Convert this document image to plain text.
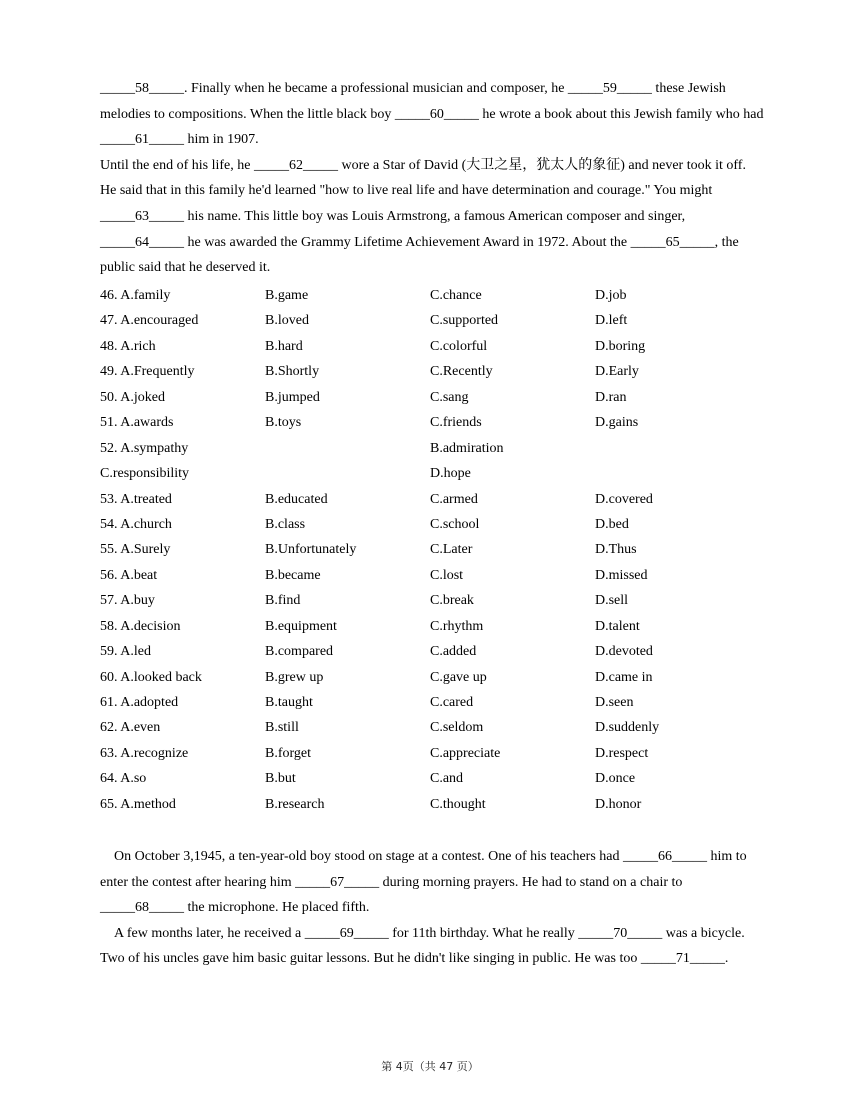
_____58_____. Finally when he became a professional musician and composer, he _____59_____ these Jewish melodies to compositions. When the little black boy _____60_____ he wrote a book about this Jewish family who had _____61_____ him in 1907.
Until the end of his life, he _____62_____ wore a Star of David (大卫之星，犹太人的象征) and never took it off. He said that in this family he'd learned "how to live real life and have determination and courage." You might _____63_____ his name. This little boy was Louis Armstrong, a famous American composer and singer, _____64_____ he was awarded the Grammy Lifetime Achievement Award in 1972. About the _____65_____, the public said that he deserved it.
46. A.family	B.game	C.chance	D.job
47. A.encouraged	B.loved	C.supported	D.left
48. A.rich	B.hard	C.colorful	D.boring
49. A.Frequently	B.Shortly	C.Recently	D.Early
50. A.joked	B.jumped	C.sang	D.ran
51. A.awards	B.toys	C.friends	D.gains
52. A.sympathy	B.admiration
C.responsibility	D.hope
53. A.treated	B.educated	C.armed	D.covered
54. A.church	B.class	C.school	D.bed
55. A.Surely	B.Unfortunately	C.Later	D.Thus
56. A.beat	B.became	C.lost	D.missed
57. A.buy	B.find	C.break	D.sell
58. A.decision	B.equipment	C.rhythm	D.talent
59. A.led	B.compared	C.added	D.devoted
60. A.looked back	B.grew up	C.gave up	D.came in
61. A.adopted	B.taught	C.cared	D.seen
62. A.even	B.still	C.seldom	D.suddenly
63. A.recognize	B.forget	C.appreciate	D.respect
64. A.so	B.but	C.and	D.once
65. A.method	B.research	C.thought	D.honor
On October 3,1945, a ten-year-old boy stood on stage at a contest. One of his teachers had _____66_____ him to enter the contest after hearing him _____67_____ during morning prayers. He had to stand on a chair to _____68_____ the microphone. He placed fifth.
A few months later, he received a _____69_____ for 11th birthday. What he really _____70_____ was a bicycle. Two of his uncles gave him basic guitar lessons. But he didn't like singing in public. He was too _____71_____.
第 4页（共 47 页）
